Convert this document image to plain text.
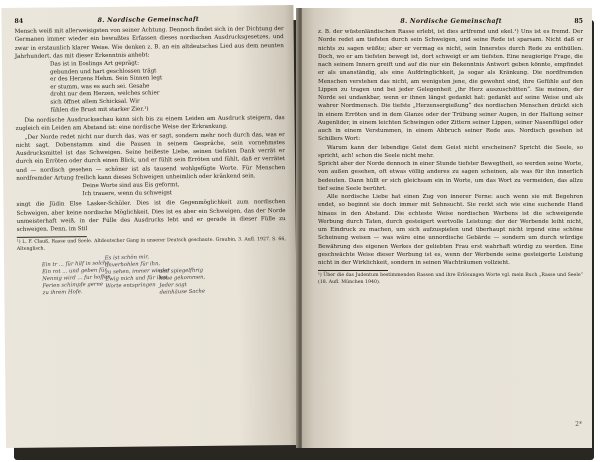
84	8. Nordische Gemeinschaft

Mensch weiß mit allerweisigsten von seiner Achtung. Dennoch findet sich in der Dichtung der Germanen immer wieder ein bewußtes Erfassen dieses nordischen Ausdrucksgesetzes, und zwar in erstaunlich klarer Weise. Wie denken z. B. an ein altdeutsches Lied aus dem neunten Jahrhundert, das mit dieser Erkenntnis anhebt:

Das ist in Eoslings Art geprägt:
gebunden und hart geschlossen trägt
er des Herzens Hehm. Sein Sinnen legt
er stumm, was es auch sei. Gesahe
droht nur dem Herzen, welches schier
sich öffnet allem Schicksal. Wir
fühlen die Brust mit starker Zier.¹)

Die nordische Ausdrucksschau kann sich bis zu einem Leiden am Ausdruck steigern, das zugleich ein Leiden am Abstand ist: eine nordische Weise der Erkrankung.

„Der Norde redet nicht nur durch das, was er sagt, sondern mehr noch durch das, was er nicht sagt. Dobenstamm sind die Pausen in seinem Gespräche, sein vornehmstes Ausdrucksmittel ist das Schweigen. Seine heißeste Liebe, seinen tiefsten Dank verrät er durch ein Erröten oder durch einen Blick, und er fühlt sein Erröten und fühlt, daß er verrätet und — nordisch gesehen — schöner ist als tausend wohlgefügte Worte. Für Menschen nordfremder Artung freilich kann dieses Schweigen unheimlich oder kränkend sein.

Deine Worte sind aus Eis geformt,
Ich trauere, wenn du schweigst

singt die Jüdin Else Lasker-Schüler. Dies ist die Gegenmöglichkeit zum nordischen Schweigen, aber keine nordische Möglichkeit. Dies ist es aber ein Schweigen, das der Norde unmeisterhaft weiß, in der Fülle des Ausdrucks lebt und er gerade in dieser Fülle zu schweigen. Denn, im Stil

¹) L. F. Clauß, Rasse und Seele. Altdeutscher Gang in unserer Deutsch geschaute. Graubin, 3. Aufl. 1927. S. 66, Altenglisch.

Ein tr ... für hilf in solche
Ein rot ... und geben für
Nennig wird ... fur hoffen
Ferien schimpfe gerne
zu ihrem Hofe.
Es ist schön mir,
unverhohlen für ihn,
zu sehen, immer wieder
Ewig mich und für ihm,
Worte entspringen
und spiegelfhrig
hohe gekommen,
Jeder sagt
deinhäuse Sache
8. Nordische Gemeinschaft	85

z. B. der wüstenländischen Rasse erlebt, ist dies artfremd und ekel.¹) Uns ist es fremd. Der Norde redet am tiefsten durch sein Schweigen, und seine Rede ist sparsam. Nicht daß er nichts zu sagen wüßte; aber er vermag es nicht, sein Innerstes durch Rede zu enthüllen. Doch, wo er am tiefsten bewegt ist, dort schweigt er am tiefsten. Eine neugierige Frage, die nach seinem Innern greift und auf die nur ein Bekenntnis Antwort geben könnte, empfindet er als unanständig, als eine Aufdringlichkeit, ja sogar als Kränkung. Die nordfremden Menschen verstehen das nicht, am wenigsten jene, die gewohnt sind, ihre Gefühle auf den Lippen zu tragen und bei jeder Gelegenheit „ihr Herz auszuschütten“. Sie meinen, der Norde sei undankbar, wenn er ihnen längst gedankt hat: gedankt auf seine Weise und als wahrer Nordmensch. Die tiefste „Herzensergießung“ des nordischen Menschen drückt sich in einem Erröten und in dem Glanze oder der Trübung seiner Augen, in der Haltung seiner Augenlider, in einem leichten Schwingen oder Zittern seiner Lippen, seiner Nasenflügel oder auch in einem Verstummen, in einem Abbruch seiner Rede aus. Nordisch gesehen ist Schillers Wort:

Warum kann der lebendige Geist dem Geist nicht erscheinen? Spricht die Seele, so spricht, ach! schon die Seele nicht mehr.

Spricht aber der Norde dennoch in einer Stunde tiefster Bewegtheit, so werden seine Worte, von außen gesehen, oft etwas völlig anderes zu sagen scheinen, als was für ihn innerlich bedeuten. Dann hüllt er sich gleichsam ein in Worte, um das Wort zu vermeiden, das allzu tief seine Seele berührt.

Alle nordische Liebe hat einen Zug von innerer Ferne: auch wenn sie mit Begehren endet, so beginnt sie doch immer mit Sehnsucht. Sie reckt sich wie eine suchende Hand hinaus in den Abstand. Die echteste Weise nordischen Werbens ist die schweigende Werbung durch Taten, durch gesteigert wertvolle Leistung: der der Werbende leiht nicht, um Eindruck zu machen, um sich aufzuspielen und überhaupt nicht irgend eine schöne Scheinung weisen — was wäre eine unnordische Gebärde — sondern um durch würdige Bewährung des eigenen Werkes der geliebten Frau erst wahrhaft würdig zu werden. Eine geschwächte Weise dieser Werbung ist es, wenn der Werbende seine gesteigerte Leistung nicht in der Wirklichkeit, sondern in seinen Wachträumen vollzieht.

¹) Über die das Judentum bestimmenden Rassen und ihre Erlösungen Worte vgl. mein Buch „Rasse und Seele“ (18. Aufl. München 1940).

2*
